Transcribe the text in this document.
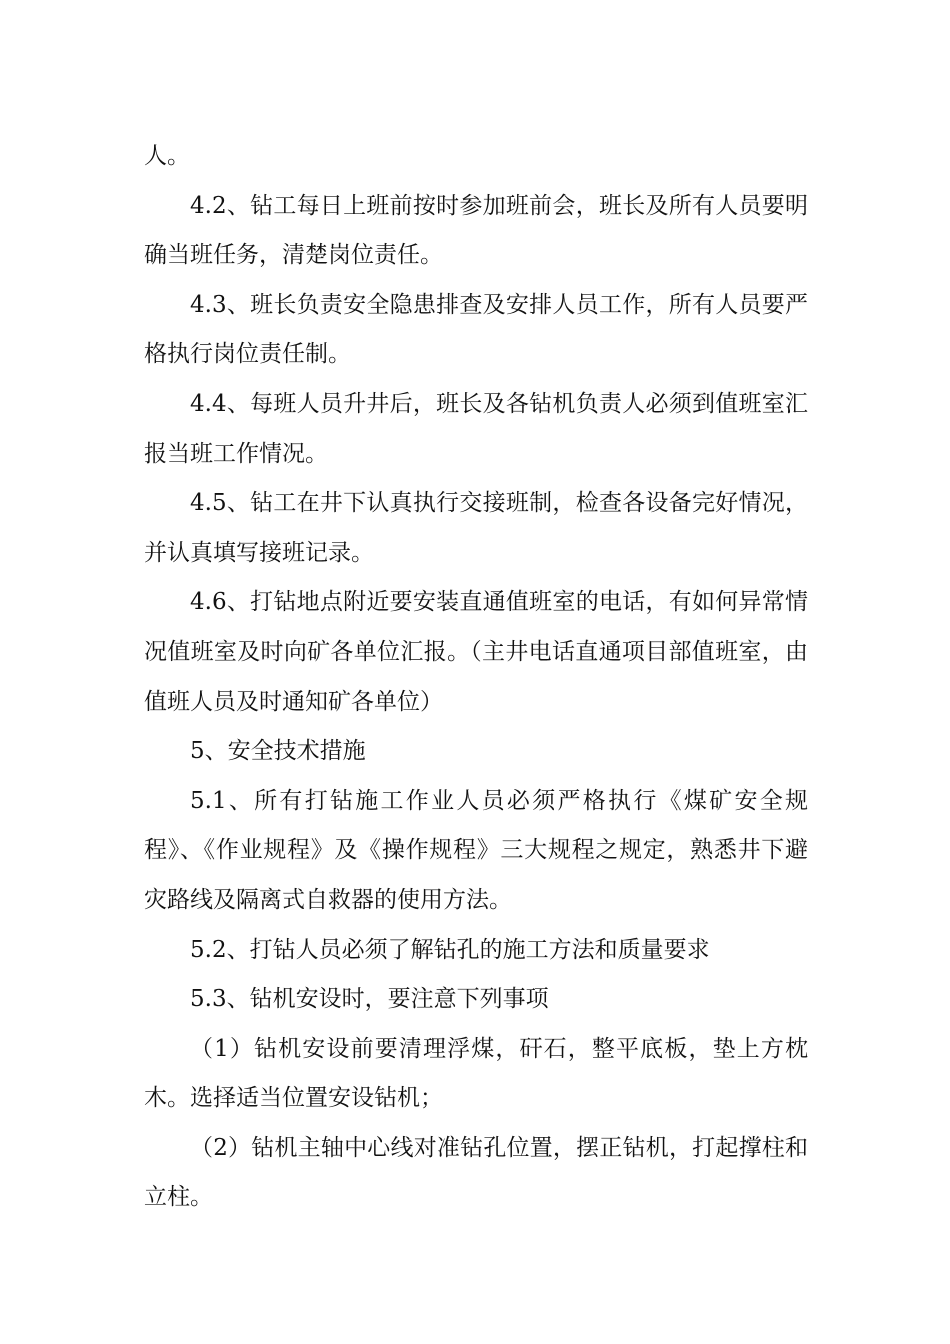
人。

4.2、钻工每日上班前按时参加班前会，班长及所有人员要明确当班任务，清楚岗位责任。

4.3、班长负责安全隐患排查及安排人员工作，所有人员要严格执行岗位责任制。

4.4、每班人员升井后，班长及各钻机负责人必须到值班室汇报当班工作情况。

4.5、钻工在井下认真执行交接班制，检查各设备完好情况，并认真填写接班记录。

4.6、打钻地点附近要安装直通值班室的电话，有如何异常情况值班室及时向矿各单位汇报。（主井电话直通项目部值班室，由值班人员及时通知矿各单位）

5、安全技术措施

5.1、所有打钻施工作业人员必须严格执行《煤矿安全规程》、《作业规程》及《操作规程》三大规程之规定，熟悉井下避灾路线及隔离式自救器的使用方法。

5.2、打钻人员必须了解钻孔的施工方法和质量要求

5.3、钻机安设时，要注意下列事项

（1）钻机安设前要清理浮煤，矸石，整平底板，垫上方枕木。选择适当位置安设钻机；

（2）钻机主轴中心线对准钻孔位置，摆正钻机，打起撑柱和立柱。
